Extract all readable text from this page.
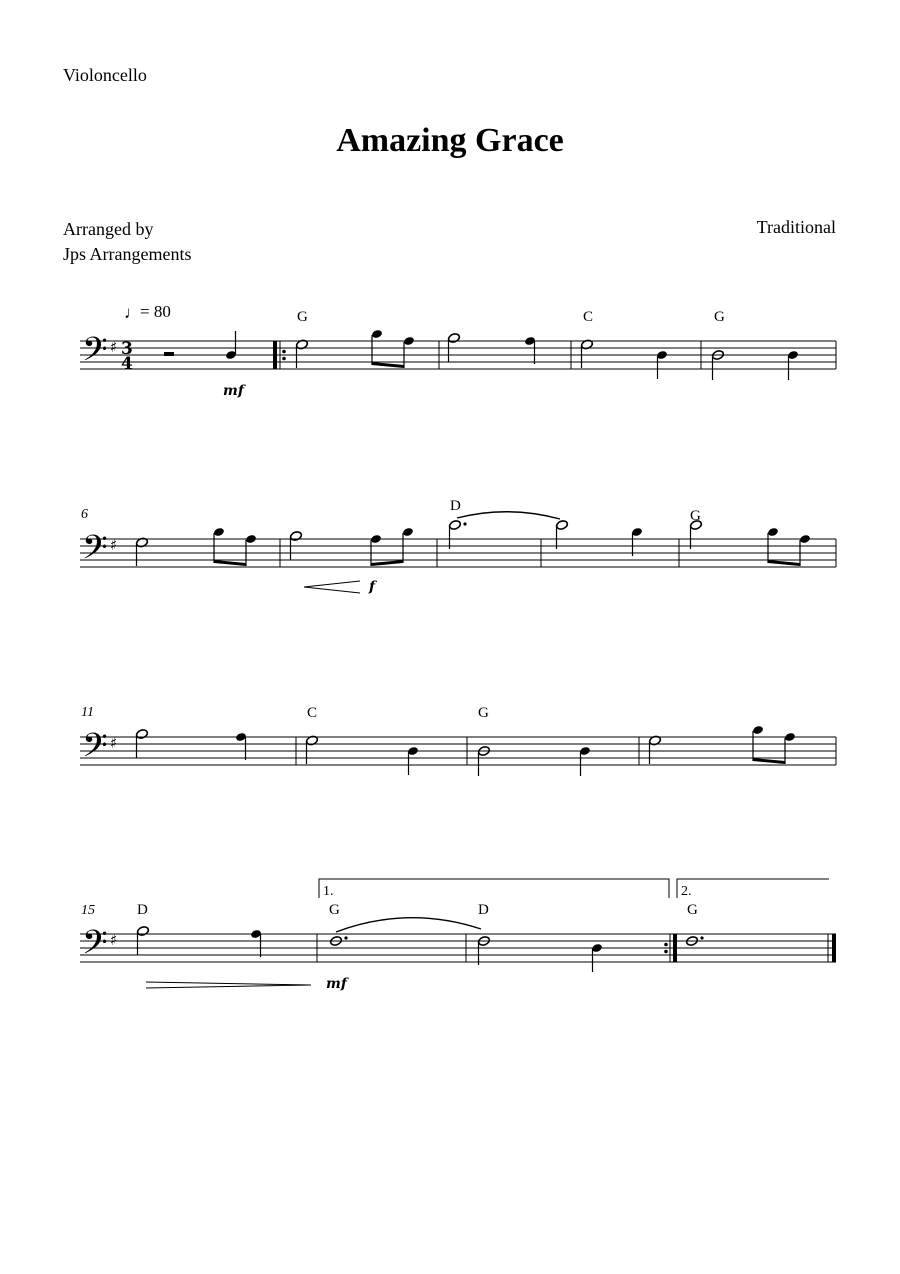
Violoncello
Amazing Grace
Arranged by
Jps Arrangements
Traditional
𝄢 ♯ 3
4
♩ = 80
mf
G	C	G
6
𝄢 ♯
f
D
G
11
𝄢 ♯
C	G
15
𝄢 ♯
D
mf
1.
G	D
2.
G
